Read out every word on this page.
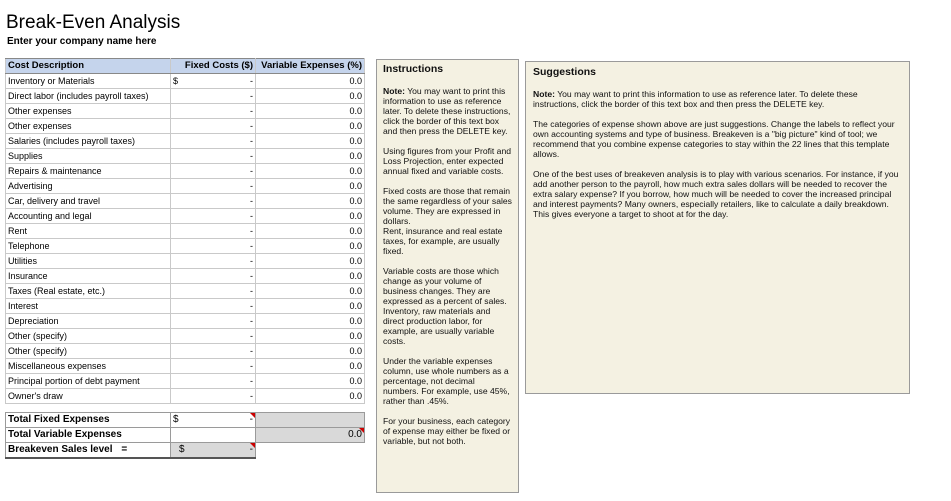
Break-Even Analysis
Enter your company name here
Cost Description	Fixed Costs ($)	Variable Expenses (%)
Inventory or Materials	$ -	0.0
Direct labor (includes payroll taxes)	-	0.0
Other expenses	-	0.0
Other expenses	-	0.0
Salaries (includes payroll taxes)	-	0.0
Supplies	-	0.0
Repairs & maintenance	-	0.0
Advertising	-	0.0
Car, delivery and travel	-	0.0
Accounting and legal	-	0.0
Rent	-	0.0
Telephone	-	0.0
Utilities	-	0.0
Insurance	-	0.0
Taxes (Real estate, etc.)	-	0.0
Interest	-	0.0
Depreciation	-	0.0
Other (specify)	-	0.0
Other (specify)	-	0.0
Miscellaneous expenses	-	0.0
Principal portion of debt payment	-	0.0
Owner's draw	-	0.0
Total Fixed Expenses	$ -	

Total Variable Expenses		0.0

Breakeven Sales level =	$ -	
Instructions

Note: You may want to print this information to use as reference later. To delete these instructions, click the border of this text box and then press the DELETE key.

Using figures from your Profit and Loss Projection, enter expected annual fixed and variable costs.

Fixed costs are those that remain the same regardless of your sales volume. They are expressed in dollars.
Rent, insurance and real estate taxes, for example, are usually fixed.

Variable costs are those which change as your volume of business changes. They are expressed as a percent of sales. Inventory, raw materials and direct production labor, for example, are usually variable costs.

Under the variable expenses column, use whole numbers as a percentage, not decimal numbers. For example, use 45%, rather than .45%.

For your business, each category of expense may either be fixed or variable, but not both.

Suggestions

Note: You may want to print this information to use as reference later. To delete these instructions, click the border of this text box and then press the DELETE key.

The categories of expense shown above are just suggestions. Change the labels to reflect your own accounting systems and type of business. Breakeven is a "big picture" kind of tool; we recommend that you combine expense categories to stay within the 22 lines that this template allows.

One of the best uses of breakeven analysis is to play with various scenarios. For instance, if you add another person to the payroll, how much extra sales dollars will be needed to recover the extra salary expense? If you borrow, how much will be needed to cover the increased principal and interest payments? Many owners, especially retailers, like to calculate a daily breakdown. This gives everyone a target to shoot at for the day.
